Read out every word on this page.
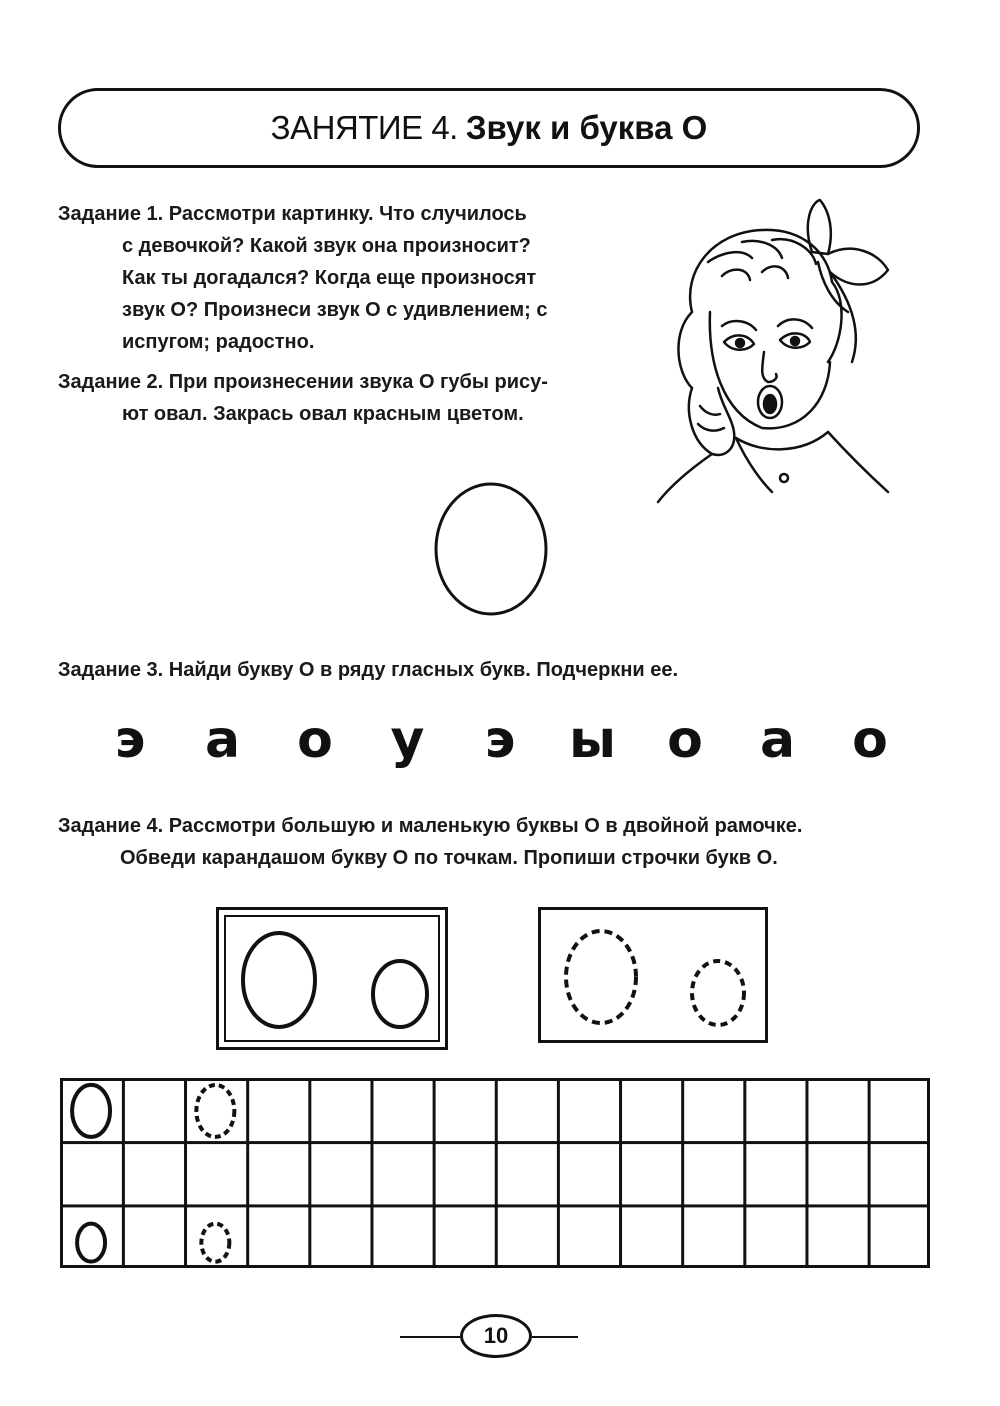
ЗАНЯТИЕ 4. Звук и буква О
Задание 1. Рассмотри картинку. Что случилось
с девочкой? Какой звук она произносит?
Как ты догадался? Когда еще произносят
звук О? Произнеси звук О с удивлением; с
испугом; радостно.
Задание 2. При произнесении звука О губы рису-
ют овал. Закрась овал красным цветом.
Задание 3. Найди букву О в ряду гласных букв. Подчеркни ее.
э а о у э ы о а о
Задание 4. Рассмотри большую и маленькую буквы О в двойной рамочке.
Обведи карандашом букву О по точкам. Пропиши строчки букв О.
10
